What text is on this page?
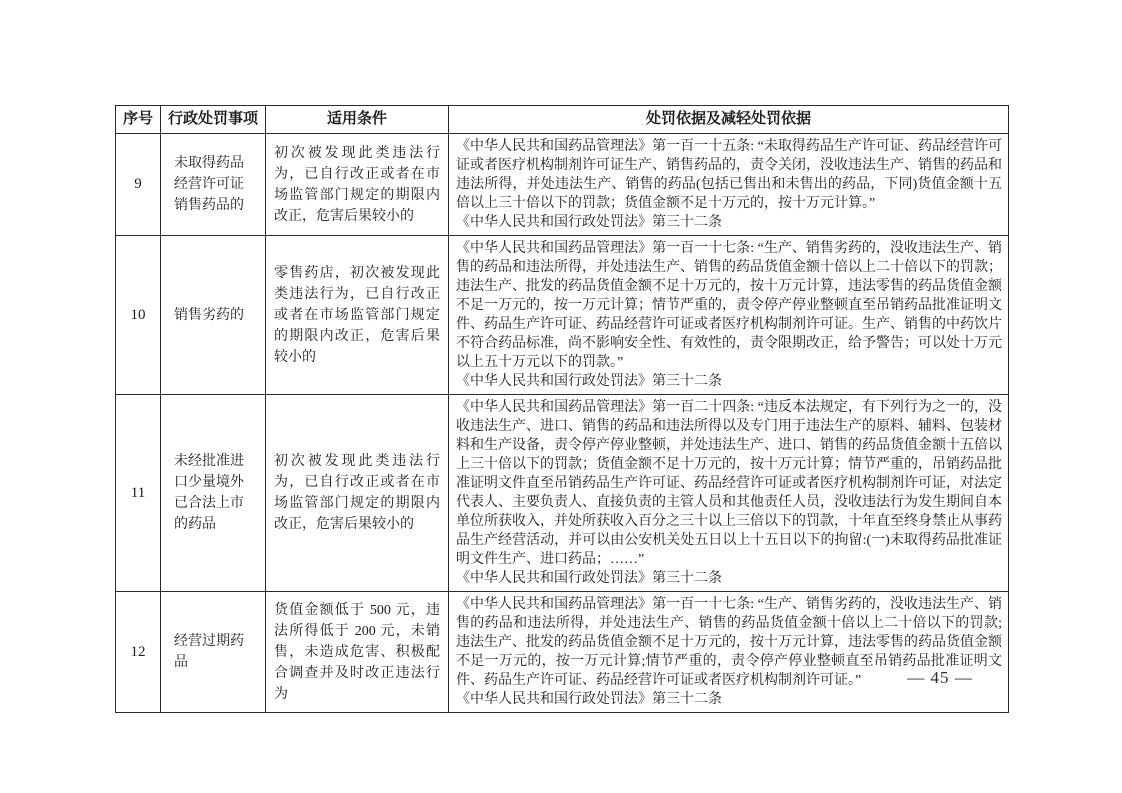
序号	行政处罚事项	适用条件	处罚依据及减轻处罚依据
9	未取得药品经营许可证销售药品的	初次被发现此类违法行为，已自行改正或者在市场监管部门规定的期限内改正，危害后果较小的	《中华人民共和国药品管理法》第一百一十五条: “未取得药品生产许可证、药品经营许可证或者医疗机构制剂许可证生产、销售药品的，责令关闭，没收违法生产、销售的药品和违法所得，并处违法生产、销售的药品(包括已售出和未售出的药品，下同)货值金额十五倍以上三十倍以下的罚款；货值金额不足十万元的，按十万元计算。”
《中华人民共和国行政处罚法》第三十二条

10	销售劣药的	零售药店，初次被发现此类违法行为，已自行改正或者在市场监管部门规定的期限内改正，危害后果较小的	《中华人民共和国药品管理法》第一百一十七条: “生产、销售劣药的，没收违法生产、销售的药品和违法所得，并处违法生产、销售的药品货值金额十倍以上二十倍以下的罚款；违法生产、批发的药品货值金额不足十万元的，按十万元计算，违法零售的药品货值金额不足一万元的，按一万元计算；情节严重的，责令停产停业整顿直至吊销药品批准证明文件、药品生产许可证、药品经营许可证或者医疗机构制剂许可证。生产、销售的中药饮片不符合药品标准，尚不影响安全性、有效性的，责令限期改正，给予警告；可以处十万元以上五十万元以下的罚款。”
《中华人民共和国行政处罚法》第三十二条

11	未经批准进口少量境外已合法上市的药品	初次被发现此类违法行为，已自行改正或者在市场监管部门规定的期限内改正，危害后果较小的	《中华人民共和国药品管理法》第一百二十四条: “违反本法规定，有下列行为之一的，没收违法生产、进口、销售的药品和违法所得以及专门用于违法生产的原料、辅料、包装材料和生产设备，责令停产停业整顿，并处违法生产、进口、销售的药品货值金额十五倍以上三十倍以下的罚款；货值金额不足十万元的，按十万元计算；情节严重的，吊销药品批准证明文件直至吊销药品生产许可证、药品经营许可证或者医疗机构制剂许可证，对法定代表人、主要负责人、直接负责的主管人员和其他责任人员，没收违法行为发生期间自本单位所获收入，并处所获收入百分之三十以上三倍以下的罚款，十年直至终身禁止从事药品生产经营活动，并可以由公安机关处五日以上十五日以下的拘留:(一)未取得药品批准证明文件生产、进口药品；……”
《中华人民共和国行政处罚法》第三十二条

12	经营过期药品	货值金额低于 500 元，违法所得低于 200 元，未销售，未造成危害、积极配合调查并及时改正违法行为	《中华人民共和国药品管理法》第一百一十七条: “生产、销售劣药的，没收违法生产、销售的药品和违法所得，并处违法生产、销售的药品货值金额十倍以上二十倍以下的罚款;违法生产、批发的药品货值金额不足十万元的，按十万元计算，违法零售的药品货值金额不足一万元的，按一万元计算;情节严重的，责令停产停业整顿直至吊销药品批准证明文件、药品生产许可证、药品经营许可证或者医疗机构制剂许可证。”
《中华人民共和国行政处罚法》第三十二条
— 45 —
